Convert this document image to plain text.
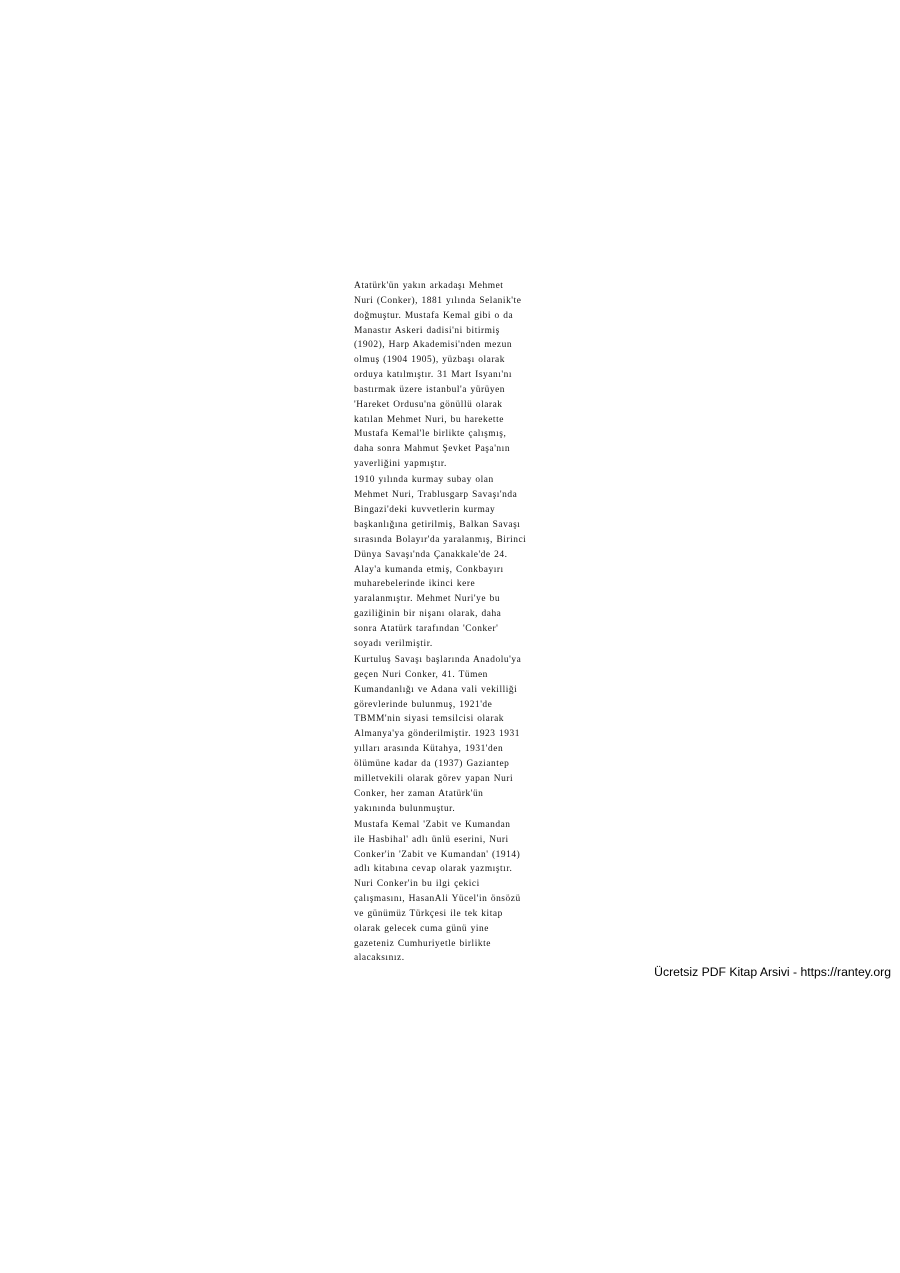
Atatürk'ün yakın arkadaşı Mehmet
Nuri (Conker), 1881 yılında Selanik'te
doğmuştur. Mustafa Kemal gibi o da
Manastır Askeri dadisi'ni bitirmiş
(1902), Harp Akademisi'nden mezun
olmuş (1904 1905), yüzbaşı olarak
orduya katılmıştır. 31 Mart Isyanı'nı
bastırmak üzere istanbul'a yürüyen
'Hareket Ordusu'na gönüllü olarak
katılan Mehmet Nuri, bu harekette
Mustafa Kemal'le birlikte çalışmış,
daha sonra Mahmut Şevket Paşa'nın
yaverliğini yapmıştır.
1910 yılında kurmay subay olan
Mehmet Nuri, Trablusgarp Savaşı'nda
Bingazi'deki kuvvetlerin kurmay
başkanlığına getirilmiş, Balkan Savaşı
sırasında Bolayır'da yaralanmış, Birinci
Dünya Savaşı'nda Çanakkale'de 24.
Alay'a kumanda etmiş, Conkbayırı
muharebelerinde ikinci kere
yaralanmıştır. Mehmet Nuri'ye bu
gaziliğinin bir nişanı olarak, daha
sonra Atatürk tarafından 'Conker'
soyadı verilmiştir.
Kurtuluş Savaşı başlarında Anadolu'ya
geçen Nuri Conker, 41. Tümen
Kumandanlığı ve Adana vali vekilliği
görevlerinde bulunmuş, 1921'de
TBMM'nin siyasi temsilcisi olarak
Almanya'ya gönderilmiştir. 1923 1931
yılları arasında Kütahya, 1931'den
ölümüne kadar da (1937) Gaziantep
milletvekili olarak görev yapan Nuri
Conker, her zaman Atatürk'ün
yakınında bulunmuştur.
Mustafa Kemal 'Zabit ve Kumandan
ile Hasbihal' adlı ünlü eserini, Nuri
Conker'in 'Zabit ve Kumandan' (1914)
adlı kitabına cevap olarak yazmıştır.
Nuri Conker'in bu ilgi çekici
çalışmasını, HasanAli Yücel'in önsözü
ve günümüz Türkçesi ile tek kitap
olarak gelecek cuma günü yine
gazeteniz Cumhuriyetle birlikte
alacaksınız.
Ücretsiz PDF Kitap Arsivi - https://rantey.org
